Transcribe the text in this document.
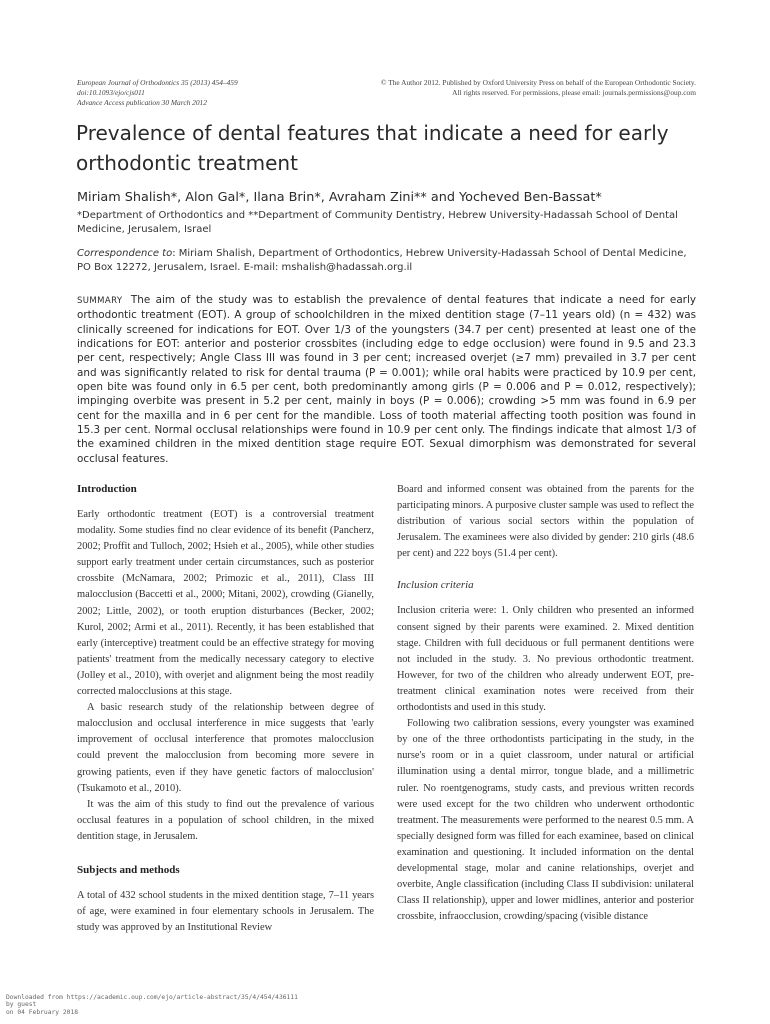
European Journal of Orthodontics 35 (2013) 454–459
doi:10.1093/ejo/cjs011
Advance Access publication 30 March 2012
© The Author 2012. Published by Oxford University Press on behalf of the European Orthodontic Society.
All rights reserved. For permissions, please email: journals.permissions@oup.com
Prevalence of dental features that indicate a need for early orthodontic treatment
Miriam Shalish*, Alon Gal*, Ilana Brin*, Avraham Zini** and Yocheved Ben-Bassat*
*Department of Orthodontics and **Department of Community Dentistry, Hebrew University-Hadassah School of Dental Medicine, Jerusalem, Israel
Correspondence to: Miriam Shalish, Department of Orthodontics, Hebrew University-Hadassah School of Dental Medicine, PO Box 12272, Jerusalem, Israel. E-mail: mshalish@hadassah.org.il
SUMMARY The aim of the study was to establish the prevalence of dental features that indicate a need for early orthodontic treatment (EOT). A group of schoolchildren in the mixed dentition stage (7–11 years old) (n = 432) was clinically screened for indications for EOT. Over 1/3 of the youngsters (34.7 per cent) presented at least one of the indications for EOT: anterior and posterior crossbites (including edge to edge occlusion) were found in 9.5 and 23.3 per cent, respectively; Angle Class III was found in 3 per cent; increased overjet (≥7 mm) prevailed in 3.7 per cent and was significantly related to risk for dental trauma (P = 0.001); while oral habits were practiced by 10.9 per cent, open bite was found only in 6.5 per cent, both predominantly among girls (P = 0.006 and P = 0.012, respectively); impinging overbite was present in 5.2 per cent, mainly in boys (P = 0.006); crowding >5 mm was found in 6.9 per cent for the maxilla and in 6 per cent for the mandible. Loss of tooth material affecting tooth position was found in 15.3 per cent. Normal occlusal relationships were found in 10.9 per cent only. The findings indicate that almost 1/3 of the examined children in the mixed dentition stage require EOT. Sexual dimorphism was demonstrated for several occlusal features.
Introduction

Early orthodontic treatment (EOT) is a controversial treatment modality. Some studies find no clear evidence of its benefit (Pancherz, 2002; Proffit and Tulloch, 2002; Hsieh et al., 2005), while other studies support early treatment under certain circumstances, such as posterior crossbite (McNamara, 2002; Primozic et al., 2011), Class III malocclusion (Baccetti et al., 2000; Mitani, 2002), crowding (Gianelly, 2002; Little, 2002), or tooth eruption disturbances (Becker, 2002; Kurol, 2002; Armi et al., 2011). Recently, it has been established that early (interceptive) treatment could be an effective strategy for moving patients' treatment from the medically necessary category to elective (Jolley et al., 2010), with overjet and alignment being the most readily corrected malocclusions at this stage.

A basic research study of the relationship between degree of malocclusion and occlusal interference in mice suggests that 'early improvement of occlusal interference that promotes malocclusion could prevent the malocclusion from becoming more severe in growing patients, even if they have genetic factors of malocclusion' (Tsukamoto et al., 2010).

It was the aim of this study to find out the prevalence of various occlusal features in a population of school children, in the mixed dentition stage, in Jerusalem.

Subjects and methods

A total of 432 school students in the mixed dentition stage, 7–11 years of age, were examined in four elementary schools in Jerusalem. The study was approved by an Institutional Review

Board and informed consent was obtained from the parents for the participating minors. A purposive cluster sample was used to reflect the distribution of various social sectors within the population of Jerusalem. The examinees were also divided by gender: 210 girls (48.6 per cent) and 222 boys (51.4 per cent).

Inclusion criteria

Inclusion criteria were: 1. Only children who presented an informed consent signed by their parents were examined. 2. Mixed dentition stage. Children with full deciduous or full permanent dentitions were not included in the study. 3. No previous orthodontic treatment. However, for two of the children who already underwent EOT, pre-treatment clinical examination notes were received from their orthodontists and used in this study.

Following two calibration sessions, every youngster was examined by one of the three orthodontists participating in the study, in the nurse's room or in a quiet classroom, under natural or artificial illumination using a dental mirror, tongue blade, and a millimetric ruler. No roentgenograms, study casts, and previous written records were used except for the two children who underwent orthodontic treatment. The measurements were performed to the nearest 0.5 mm. A specially designed form was filled for each examinee, based on clinical examination and questioning. It included information on the dental developmental stage, molar and canine relationships, overjet and overbite, Angle classification (including Class II subdivision: unilateral Class II relationship), upper and lower midlines, anterior and posterior crossbite, infraocclusion, crowding/spacing (visible distance

Downloaded from https://academic.oup.com/ejo/article-abstract/35/4/454/436111
by guest
on 04 February 2018
